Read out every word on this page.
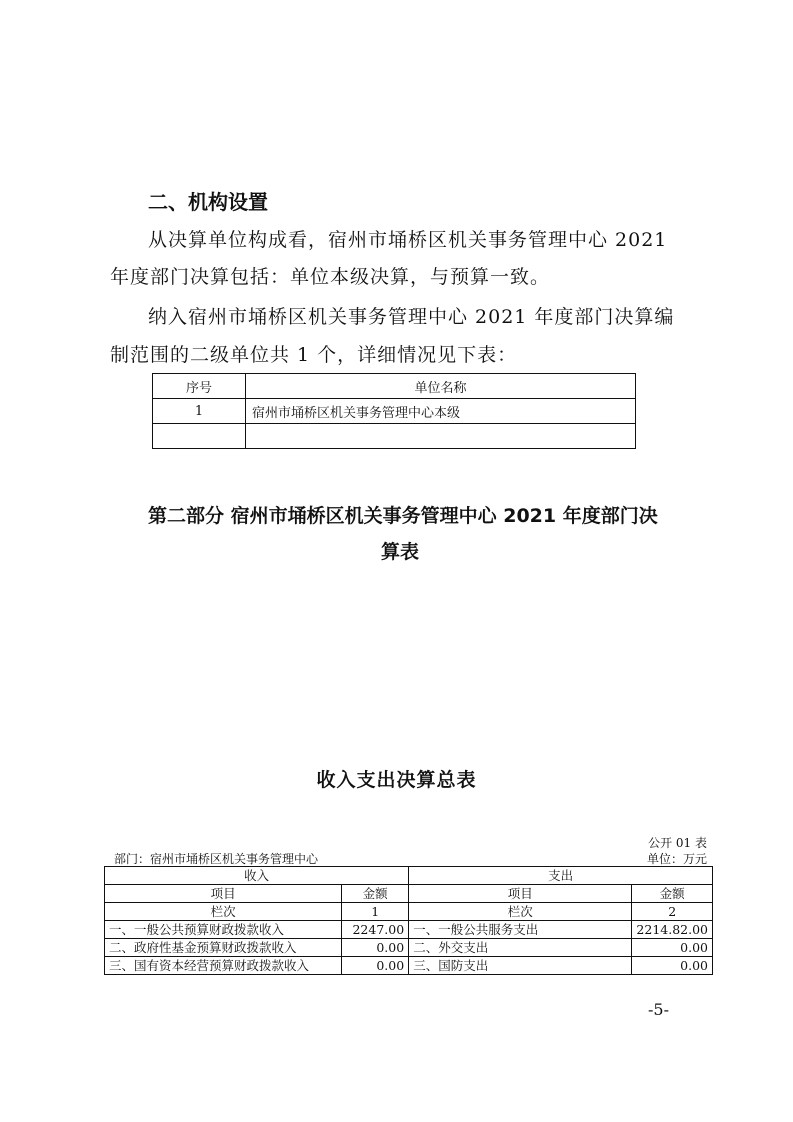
二、机构设置
从决算单位构成看，宿州市埇桥区机关事务管理中心 2021
年度部门决算包括：单位本级决算，与预算一致。
纳入宿州市埇桥区机关事务管理中心 2021 年度部门决算编
制范围的二级单位共 1 个，详细情况见下表：
序号	单位名称
1	宿州市埇桥区机关事务管理中心本级

第二部分 宿州市埇桥区机关事务管理中心 2021 年度部门决
算表
收入支出决算总表
公开 01 表
部门：宿州市埇桥区机关事务管理中心	单位：万元
收入		支出	
项目	金额	项目	金额
栏次	1	栏次	2
一、一般公共预算财政拨款收入	2247.00	一、一般公共服务支出	2214.82.00
二、政府性基金预算财政拨款收入	0.00	二、外交支出	0.00
三、国有资本经营预算财政拨款收入	0.00	三、国防支出	0.00
-5-
